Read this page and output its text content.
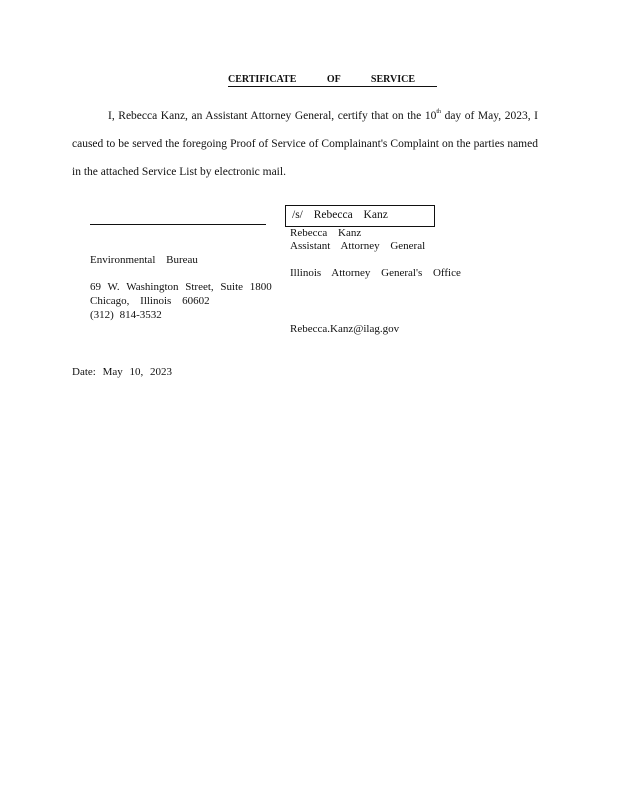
CERTIFICATE OF SERVICE

I, Rebecca Kanz, an Assistant Attorney General, certify that on the 10th day of May, 2023, I caused to be served the foregoing Proof of Service of Complainant's Complaint on the parties named in the attached Service List by electronic mail.

/s/ Rebecca Kanz
Rebecca Kanz
Assistant Attorney General
Illinois Attorney General's Office
Rebecca.Kanz@ilag.gov
Environmental Bureau
69 W. Washington Street, Suite 1800
Chicago, Illinois 60602
(312) 814-3532
Date: May 10, 2023
